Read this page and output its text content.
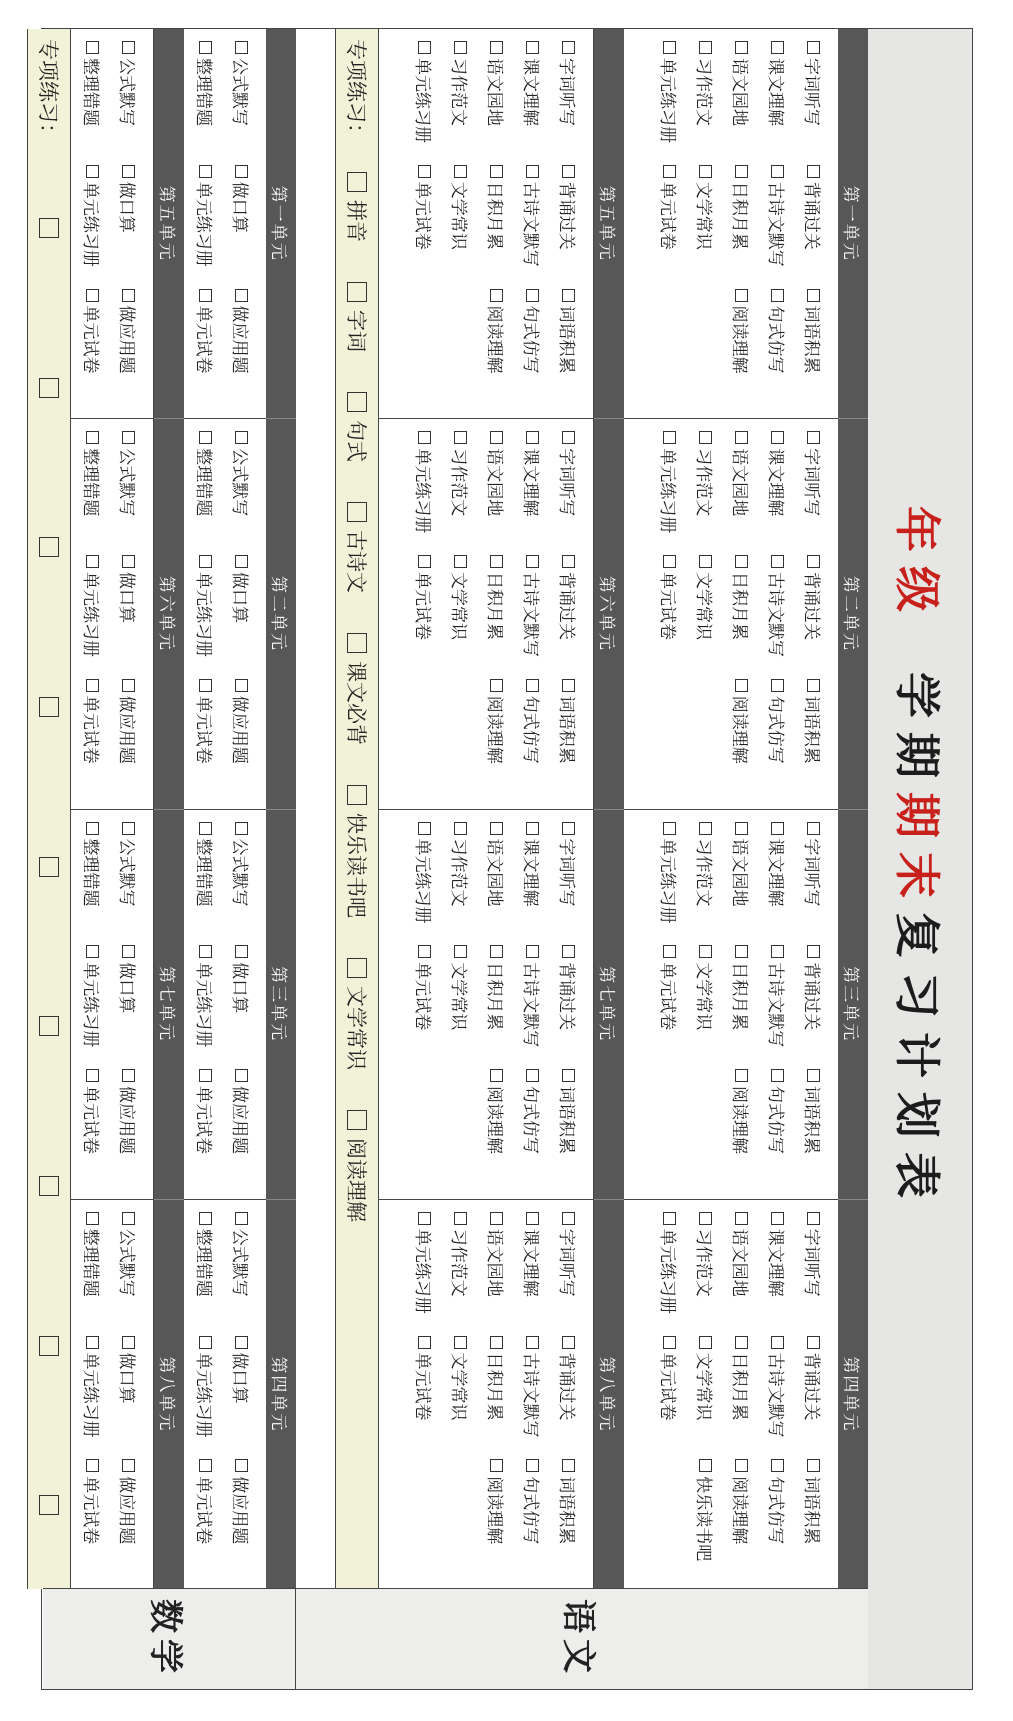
年级
学期
期末
复习
计划表
第一单元
第二单元
第三单元
第四单元
字词听写
背诵过关
词语积累
课文理解
古诗文默写
句式仿写
语文园地
日积月累
阅读理解
习作范文
文学常识
单元练习册
单元试卷
字词听写
背诵过关
词语积累
课文理解
古诗文默写
句式仿写
语文园地
日积月累
阅读理解
习作范文
文学常识
单元练习册
单元试卷
字词听写
背诵过关
词语积累
课文理解
古诗文默写
句式仿写
语文园地
日积月累
阅读理解
习作范文
文学常识
单元练习册
单元试卷
字词听写
背诵过关
词语积累
课文理解
古诗文默写
句式仿写
语文园地
日积月累
阅读理解
习作范文
文学常识
快乐读书吧
单元练习册
单元试卷
第五单元
第六单元
第七单元
第八单元
字词听写
背诵过关
词语积累
课文理解
古诗文默写
句式仿写
语文园地
日积月累
阅读理解
习作范文
文学常识
单元练习册
单元试卷
字词听写
背诵过关
词语积累
课文理解
古诗文默写
句式仿写
语文园地
日积月累
阅读理解
习作范文
文学常识
单元练习册
单元试卷
字词听写
背诵过关
词语积累
课文理解
古诗文默写
句式仿写
语文园地
日积月累
阅读理解
习作范文
文学常识
单元练习册
单元试卷
字词听写
背诵过关
词语积累
课文理解
古诗文默写
句式仿写
语文园地
日积月累
阅读理解
习作范文
文学常识
单元练习册
单元试卷
专项练习：
拼音
字词
句式
古诗文
课文必背
快乐读书吧
文学常识
阅读理解
第一单元
第二单元
第三单元
第四单元
公式默写
做口算
做应用题
整理错题
单元练习册
单元试卷
公式默写
做口算
做应用题
整理错题
单元练习册
单元试卷
公式默写
做口算
做应用题
整理错题
单元练习册
单元试卷
公式默写
做口算
做应用题
整理错题
单元练习册
单元试卷
第五单元
第六单元
第七单元
第八单元
公式默写
做口算
做应用题
整理错题
单元练习册
单元试卷
公式默写
做口算
做应用题
整理错题
单元练习册
单元试卷
公式默写
做口算
做应用题
整理错题
单元练习册
单元试卷
公式默写
做口算
做应用题
整理错题
单元练习册
单元试卷
专项练习：
语文
数学
